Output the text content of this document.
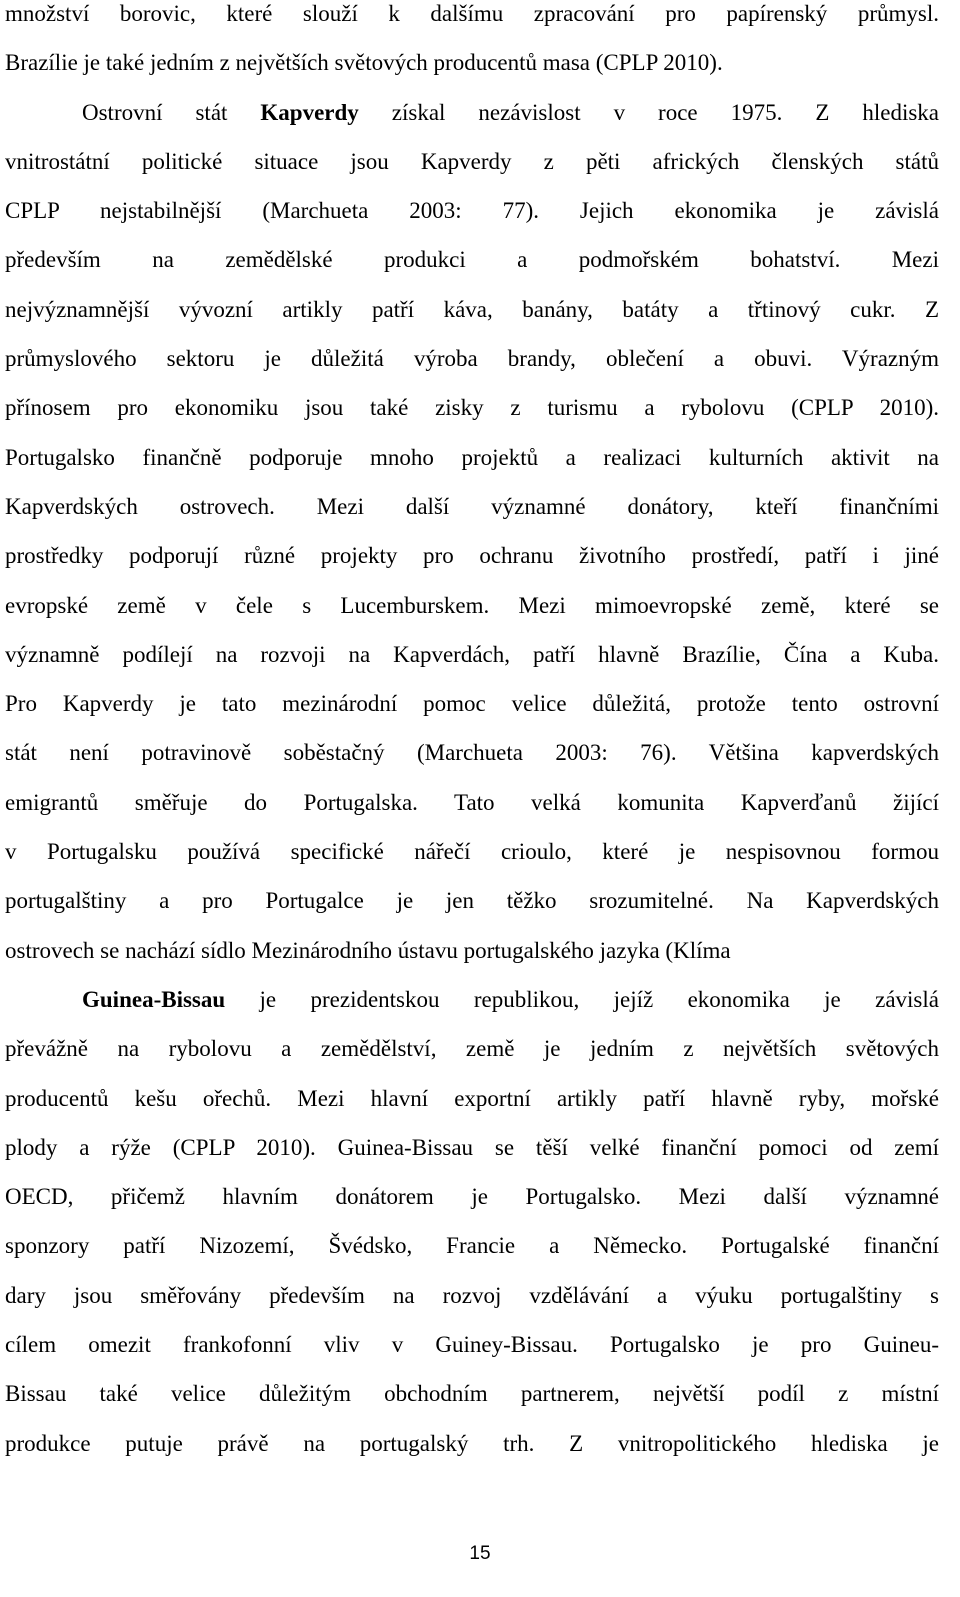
množství borovic, které slouží k dalšímu zpracování pro papírenský průmysl.
Brazílie je také jedním z největších světových producentů masa (CPLP 2010).
Ostrovní stát Kapverdy získal nezávislost v roce 1975. Z hlediska
vnitrostátní politické situace jsou Kapverdy z pěti afrických členských států
CPLP nejstabilnější (Marchueta 2003: 77). Jejich ekonomika je závislá
především na zemědělské produkci a podmořském bohatství. Mezi
nejvýznamnější vývozní artikly patří káva, banány, batáty a třtinový cukr. Z
průmyslového sektoru je důležitá výroba brandy, oblečení a obuvi. Výrazným
přínosem pro ekonomiku jsou také zisky z turismu a rybolovu (CPLP 2010).
Portugalsko finančně podporuje mnoho projektů a realizaci kulturních aktivit na
Kapverdských ostrovech. Mezi další významné donátory, kteří finančními
prostředky podporují různé projekty pro ochranu životního prostředí, patří i jiné
evropské země v čele s Lucemburskem. Mezi mimoevropské země, které se
významně podílejí na rozvoji na Kapverdách, patří hlavně Brazílie, Čína a Kuba.
Pro Kapverdy je tato mezinárodní pomoc velice důležitá, protože tento ostrovní
stát není potravinově soběstačný (Marchueta 2003: 76). Většina kapverdských
emigrantů směřuje do Portugalska. Tato velká komunita Kapverďanů žijící
v Portugalsku používá specifické nářečí crioulo, které je nespisovnou formou
portugalštiny a pro Portugalce je jen těžko srozumitelné. Na Kapverdských
ostrovech se nachází sídlo Mezinárodního ústavu portugalského jazyka (Klíma
Guinea-Bissau je prezidentskou republikou, jejíž ekonomika je závislá
převážně na rybolovu a zemědělství, země je jedním z největších světových
producentů kešu ořechů. Mezi hlavní exportní artikly patří hlavně ryby, mořské
plody a rýže (CPLP 2010). Guinea-Bissau se těší velké finanční pomoci od zemí
OECD, přičemž hlavním donátorem je Portugalsko. Mezi další významné
sponzory patří Nizozemí, Švédsko, Francie a Německo. Portugalské finanční
dary jsou směřovány především na rozvoj vzdělávání a výuku portugalštiny s
cílem omezit frankofonní vliv v Guiney-Bissau. Portugalsko je pro Guineu-
Bissau také velice důležitým obchodním partnerem, největší podíl z místní
produkce putuje právě na portugalský trh. Z vnitropolitického hlediska je
15
